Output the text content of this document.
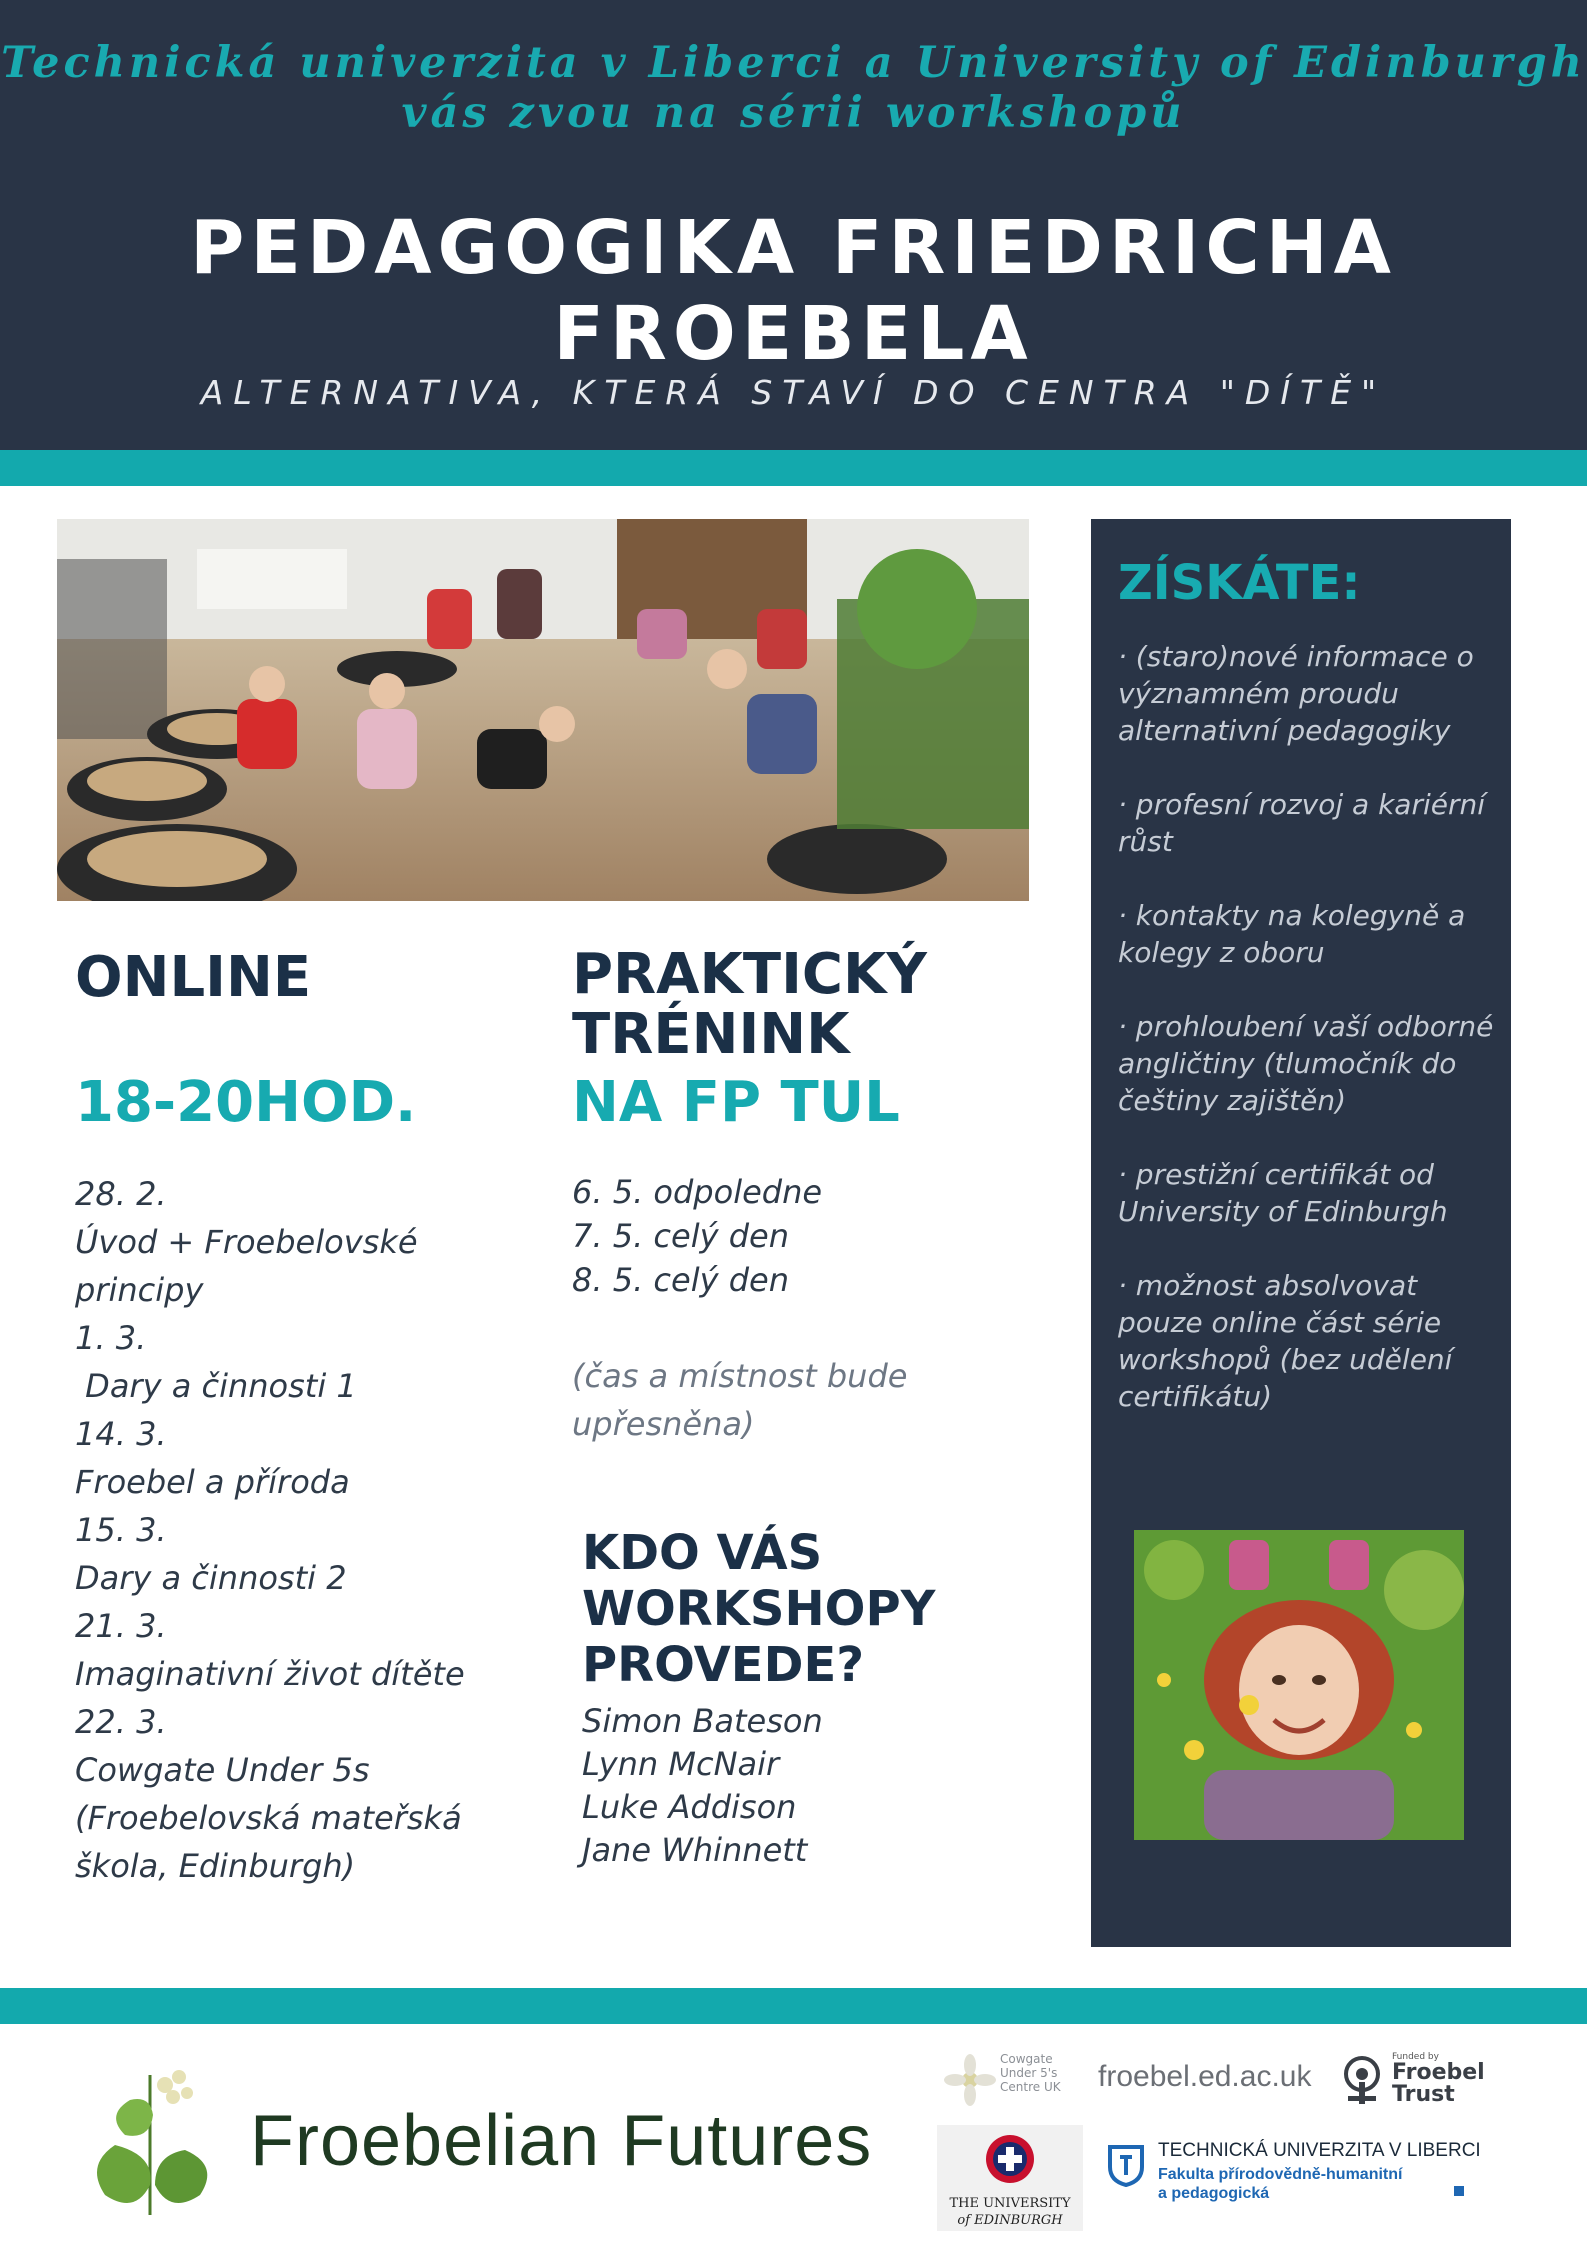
Technická univerzita v Liberci a University of Edinburgh
vás zvou na sérii workshopů
PEDAGOGIKA FRIEDRICHA FROEBELA
ALTERNATIVA, KTERÁ STAVÍ DO CENTRA "DÍTĚ"
ONLINE
18-20HOD.
28. 2.
Úvod + Froebelovské
principy
1. 3.
Dary a činnosti 1
14. 3.
Froebel a příroda
15. 3.
Dary a činnosti 2
21. 3.
Imaginativní život dítěte
22. 3.
Cowgate Under 5s
(Froebelovská mateřská
škola, Edinburgh)
PRAKTICKÝ
TRÉNINK
NA FP TUL
6. 5. odpoledne
7. 5. celý den
8. 5. celý den
(čas a místnost bude upřesněna)
KDO VÁS
WORKSHOPY
PROVEDE?
Simon Bateson
Lynn McNair
Luke Addison
Jane Whinnett
ZÍSKÁTE:
· (staro)nové informace o významném proudu alternativní pedagogiky
· profesní rozvoj a kariérní růst
· kontakty na kolegyně a kolegy z oboru
· prohloubení vaší odborné angličtiny (tlumočník do češtiny zajištěn)
· prestižní certifikát od University of Edinburgh
· možnost absolvovat pouze online část série workshopů (bez udělení certifikátu)
Froebelian Futures
Cowgate Under 5's Centre UK	froebel.ed.ac.uk
Funded by
Froebel
Trust
THE UNIVERSITY
of EDINBURGH
TECHNICKÁ UNIVERZITA V LIBERCI
Fakulta přírodovědně-humanitní
a pedagogická
